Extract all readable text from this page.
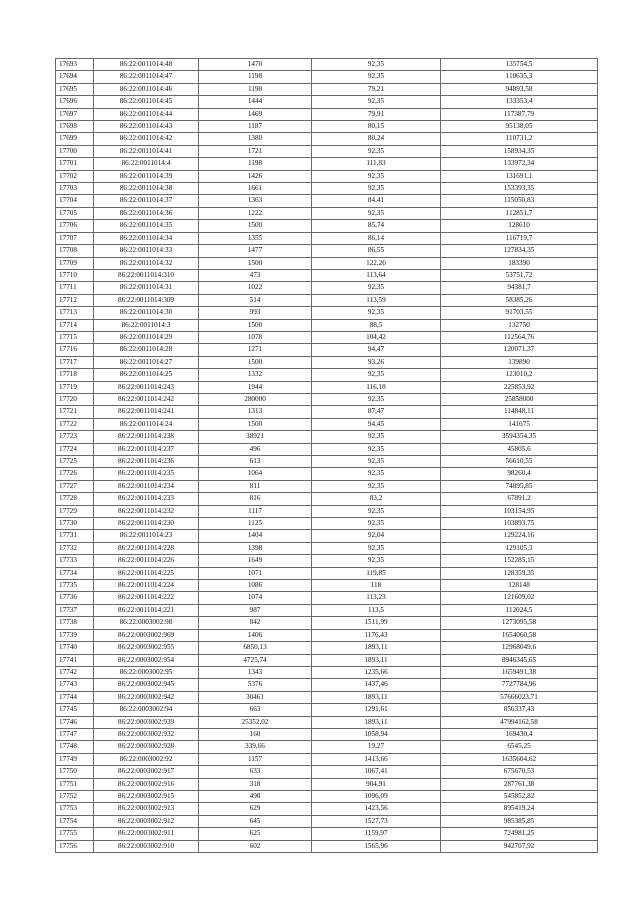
17693	86:22:0011014:48	1470	92,35	135754,5
17694	86:22:0011014:47	1198	92,35	110635,3
17695	86:22:0011014:46	1198	79,21	94893,58
17696	86:22:0011014:45	1444	92,35	133353,4
17697	86:22:0011014:44	1469	79,91	117387,79
17698	86:22:0011014:43	1187	80,15	95138,05
17699	86:22:0011014:42	1380	80,24	110731,2
17700	86:22:0011014:41	1721	92,35	158934,35
17701	86:22:0011014:4	1198	111,83	133972,34
17702	86:22:0011014:39	1426	92,35	131691,1
17703	86:22:0011014:38	1661	92,35	153393,35
17704	86:22:0011014:37	1363	84,41	115050,83
17705	86:22:0011014:36	1222	92,35	112851,7
17706	86:22:0011014:35	1500	85,74	128610
17707	86:22:0011014:34	1355	86,14	116719,7
17708	86:22:0011014:33	1477	86,55	127834,35
17709	86:22:0011014:32	1500	122,26	183390
17710	86:22:0011014:310	473	113,64	53751,72
17711	86:22:0011014:31	1022	92,35	94381,7
17712	86:22:0011014:309	514	113,59	58385,26
17713	86:22:0011014:30	993	92,35	91703,55
17714	86:22:0011014:3	1500	88,5	132750
17715	86:22:0011014:29	1078	104,42	112564,76
17716	86:22:0011014:28	1271	94,47	120071,37
17717	86:22:0011014:27	1500	93,26	139890
17718	86:22:0011014:25	1332	92,35	123010,2
17719	86:22:0011014:243	1944	116,18	225853,92
17720	86:22:0011014:242	280000	92,35	25858000
17721	86:22:0011014:241	1313	87,47	114848,11
17722	86:22:0011014:24	1500	94,45	141675
17723	86:22:0011014:238	38921	92,35	3594354,35
17724	86:22:0011014:237	496	92,35	45805,6
17725	86:22:0011014:236	613	92,35	56610,55
17726	86:22:0011014:235	1064	92,35	98260,4
17727	86:22:0011014:234	811	92,35	74895,85
17728	86:22:0011014:233	816	83,2	67891,2
17729	86:22:0011014:232	1117	92,35	103154,95
17730	86:22:0011014:230	1125	92,35	103893,75
17731	86:22:0011014:23	1404	92,04	129224,16
17732	86:22:0011014:228	1398	92,35	129105,3
17733	86:22:0011014:226	1649	92,35	152285,15
17734	86:22:0011014:225	1071	119,85	128359,35
17735	86:22:0011014:224	1086	118	128148
17736	86:22:0011014:222	1074	113,23	121609,02
17737	86:22:0011014:221	987	113,5	112024,5
17738	86:22:0003002:98	842	1511,99	1273095,58
17739	86:22:0003002:969	1406	1176,43	1654060,58
17740	86:22:0003002:955	6850,13	1893,11	12968049,6
17741	86:22:0003002:954	4725,74	1893,11	8946345,65
17742	86:22:0003002:95	1343	1235,66	1659491,38
17743	86:22:0003002:945	5376	1437,46	7727784,96
17744	86:22:0003002:942	30461	1893,11	57666023,71
17745	86:22:0003002:94	663	1291,61	856337,43
17746	86:22:0003002:939	25352,02	1893,11	47994162,58
17747	86:22:0003002:932	160	1058,94	169430,4
17748	86:22:0003002:928	339,66	19,27	6545,25
17749	86:22:0003002:92	1157	1413,66	1635604,62
17750	86:22:0003002:917	633	1067,41	675670,53
17751	86:22:0003002:916	318	904,91	287761,38
17752	86:22:0003002:915	498	1096,09	545852,82
17753	86:22:0003002:913	629	1423,56	895419,24
17754	86:22:0003002:912	645	1527,73	985385,85
17755	86:22:0003002:911	625	1159,97	724981,25
17756	86:22:0003002:910	602	1565,96	942707,92
